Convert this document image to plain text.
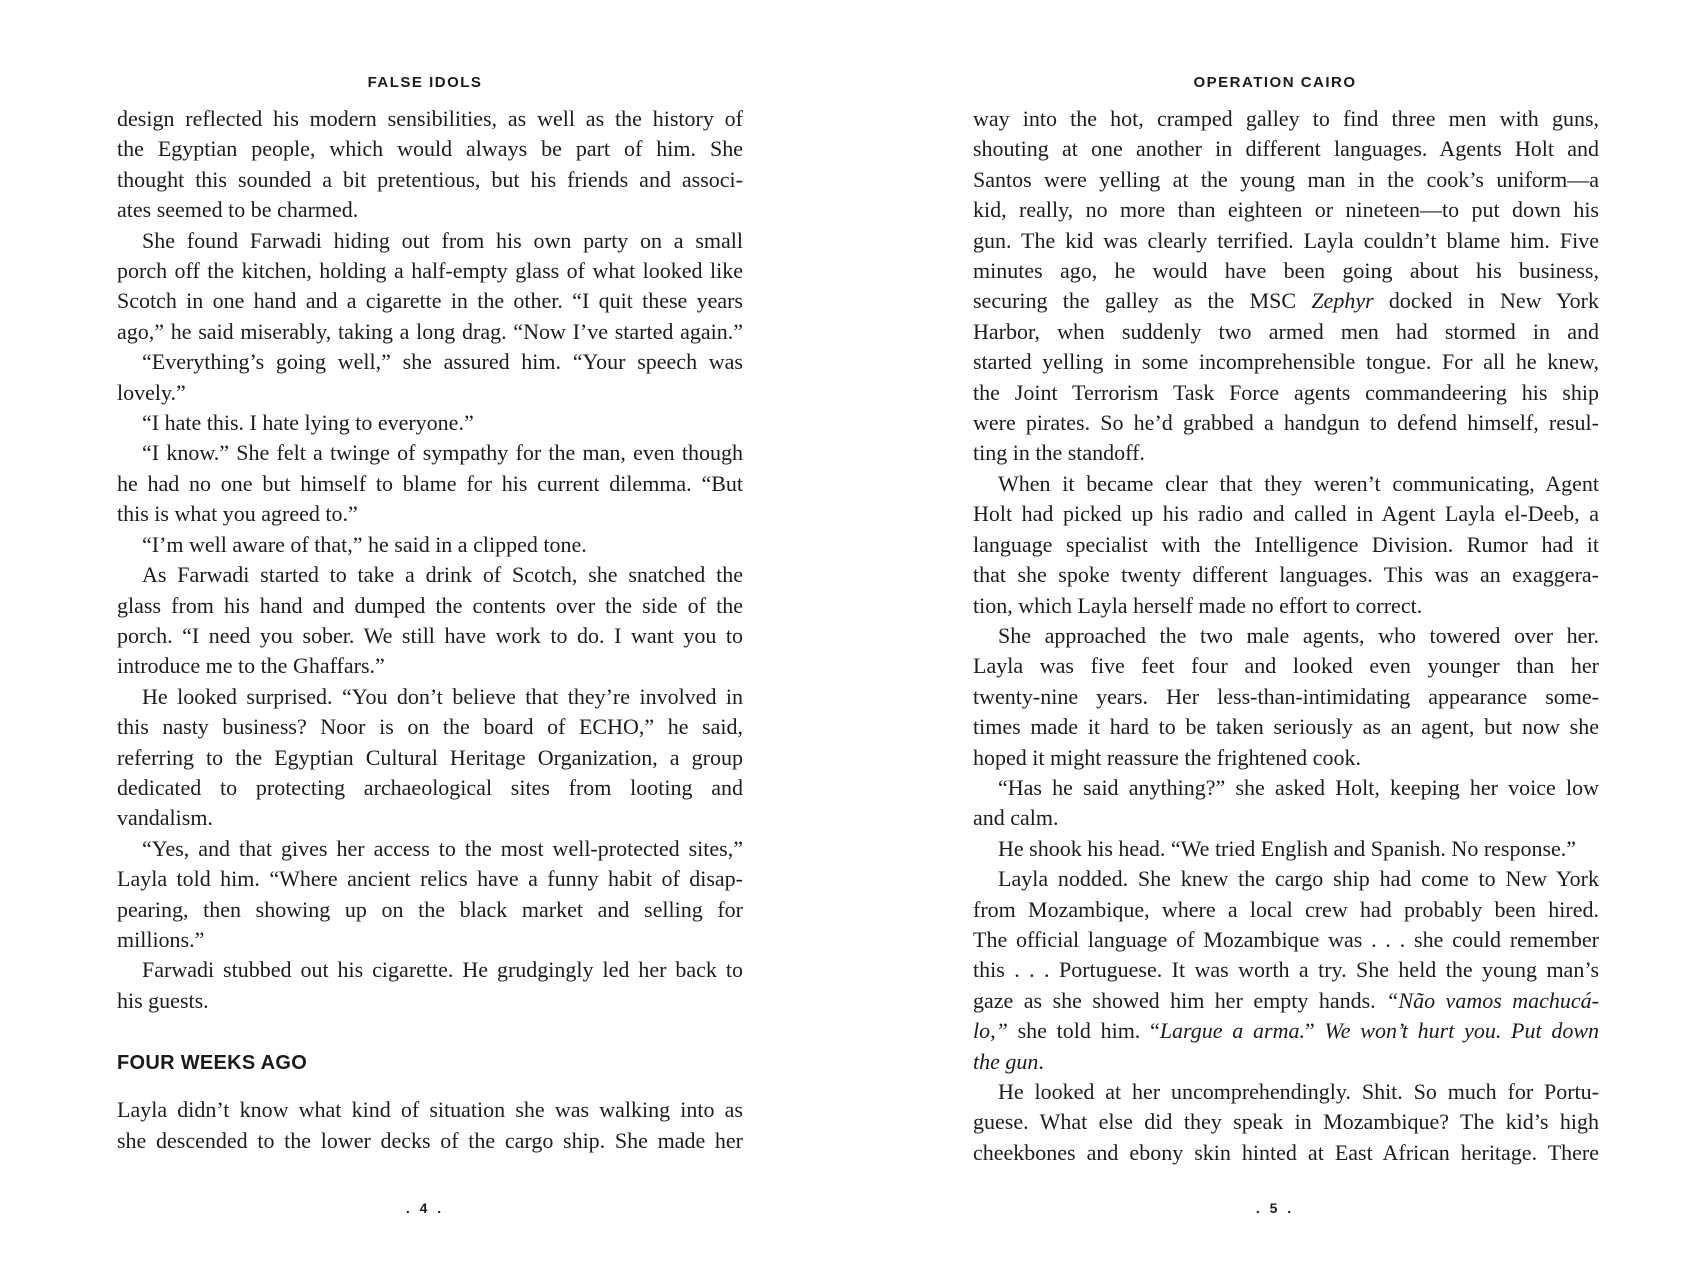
FALSE IDOLS
design reflected his modern sensibilities, as well as the history of
the Egyptian people, which would always be part of him. She
thought this sounded a bit pretentious, but his friends and associ-
ates seemed to be charmed.
She found Farwadi hiding out from his own party on a small
porch off the kitchen, holding a half-empty glass of what looked like
Scotch in one hand and a cigarette in the other. “I quit these years
ago,” he said miserably, taking a long drag. “Now I’ve started again.”
“Everything’s going well,” she assured him. “Your speech was
lovely.”
“I hate this. I hate lying to everyone.”
“I know.” She felt a twinge of sympathy for the man, even though
he had no one but himself to blame for his current dilemma. “But
this is what you agreed to.”
“I’m well aware of that,” he said in a clipped tone.
As Farwadi started to take a drink of Scotch, she snatched the
glass from his hand and dumped the contents over the side of the
porch. “I need you sober. We still have work to do. I want you to
introduce me to the Ghaffars.”
He looked surprised. “You don’t believe that they’re involved in
this nasty business? Noor is on the board of ECHO,” he said,
referring to the Egyptian Cultural Heritage Organization, a group
dedicated to protecting archaeological sites from looting and
vandalism.
“Yes, and that gives her access to the most well-protected sites,”
Layla told him. “Where ancient relics have a funny habit of disap-
pearing, then showing up on the black market and selling for
millions.”
Farwadi stubbed out his cigarette. He grudgingly led her back to
his guests.
FOUR WEEKS AGO
Layla didn’t know what kind of situation she was walking into as
she descended to the lower decks of the cargo ship. She made her
. 4 .
OPERATION CAIRO
way into the hot, cramped galley to find three men with guns,
shouting at one another in different languages. Agents Holt and
Santos were yelling at the young man in the cook’s uniform—a
kid, really, no more than eighteen or nineteen—to put down his
gun. The kid was clearly terrified. Layla couldn’t blame him. Five
minutes ago, he would have been going about his business,
securing the galley as the MSC Zephyr docked in New York
Harbor, when suddenly two armed men had stormed in and
started yelling in some incomprehensible tongue. For all he knew,
the Joint Terrorism Task Force agents commandeering his ship
were pirates. So he’d grabbed a handgun to defend himself, resul-
ting in the standoff.
When it became clear that they weren’t communicating, Agent
Holt had picked up his radio and called in Agent Layla el-Deeb, a
language specialist with the Intelligence Division. Rumor had it
that she spoke twenty different languages. This was an exaggera-
tion, which Layla herself made no effort to correct.
She approached the two male agents, who towered over her.
Layla was five feet four and looked even younger than her
twenty-nine years. Her less-than-intimidating appearance some-
times made it hard to be taken seriously as an agent, but now she
hoped it might reassure the frightened cook.
“Has he said anything?” she asked Holt, keeping her voice low
and calm.
He shook his head. “We tried English and Spanish. No response.”
Layla nodded. She knew the cargo ship had come to New York
from Mozambique, where a local crew had probably been hired.
The official language of Mozambique was . . . she could remember
this . . . Portuguese. It was worth a try. She held the young man’s
gaze as she showed him her empty hands. “Não vamos machucá-
lo,” she told him. “Largue a arma.” We won’t hurt you. Put down
the gun.
He looked at her uncomprehendingly. Shit. So much for Portu-
guese. What else did they speak in Mozambique? The kid’s high
cheekbones and ebony skin hinted at East African heritage. There
. 5 .
